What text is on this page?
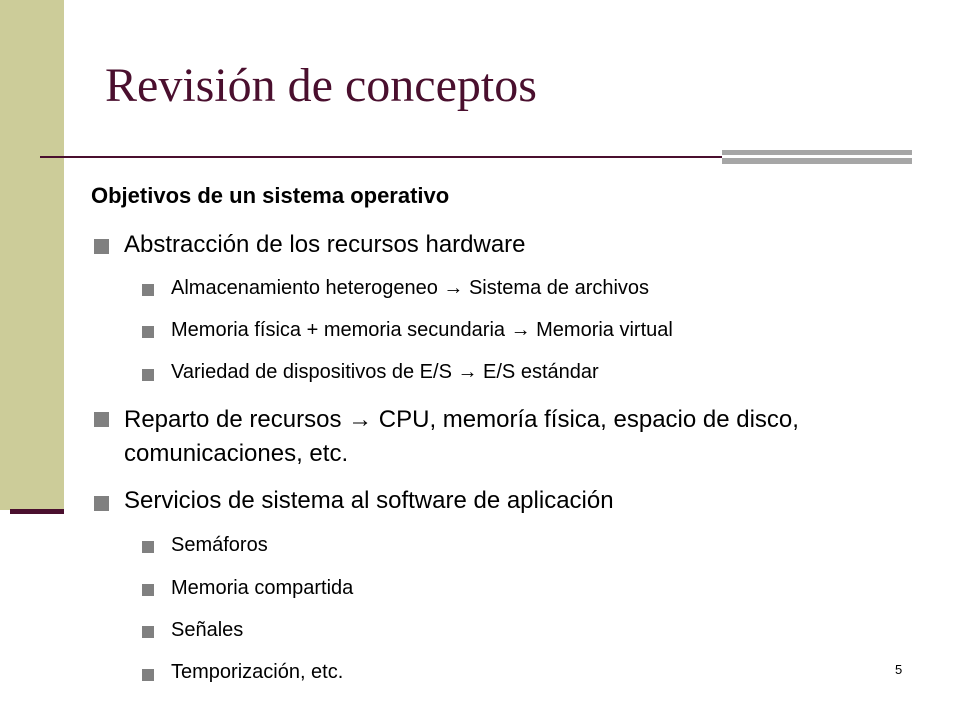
Revisión de conceptos
Objetivos de un sistema operativo
Abstracción de los recursos hardware
Almacenamiento heterogeneo → Sistema de archivos
Memoria física + memoria secundaria → Memoria virtual
Variedad de dispositivos de E/S → E/S estándar
Reparto de recursos → CPU, memoría física, espacio de disco, comunicaciones, etc.
Servicios de sistema al software de aplicación
Semáforos
Memoria compartida
Señales
Temporización, etc.	5
